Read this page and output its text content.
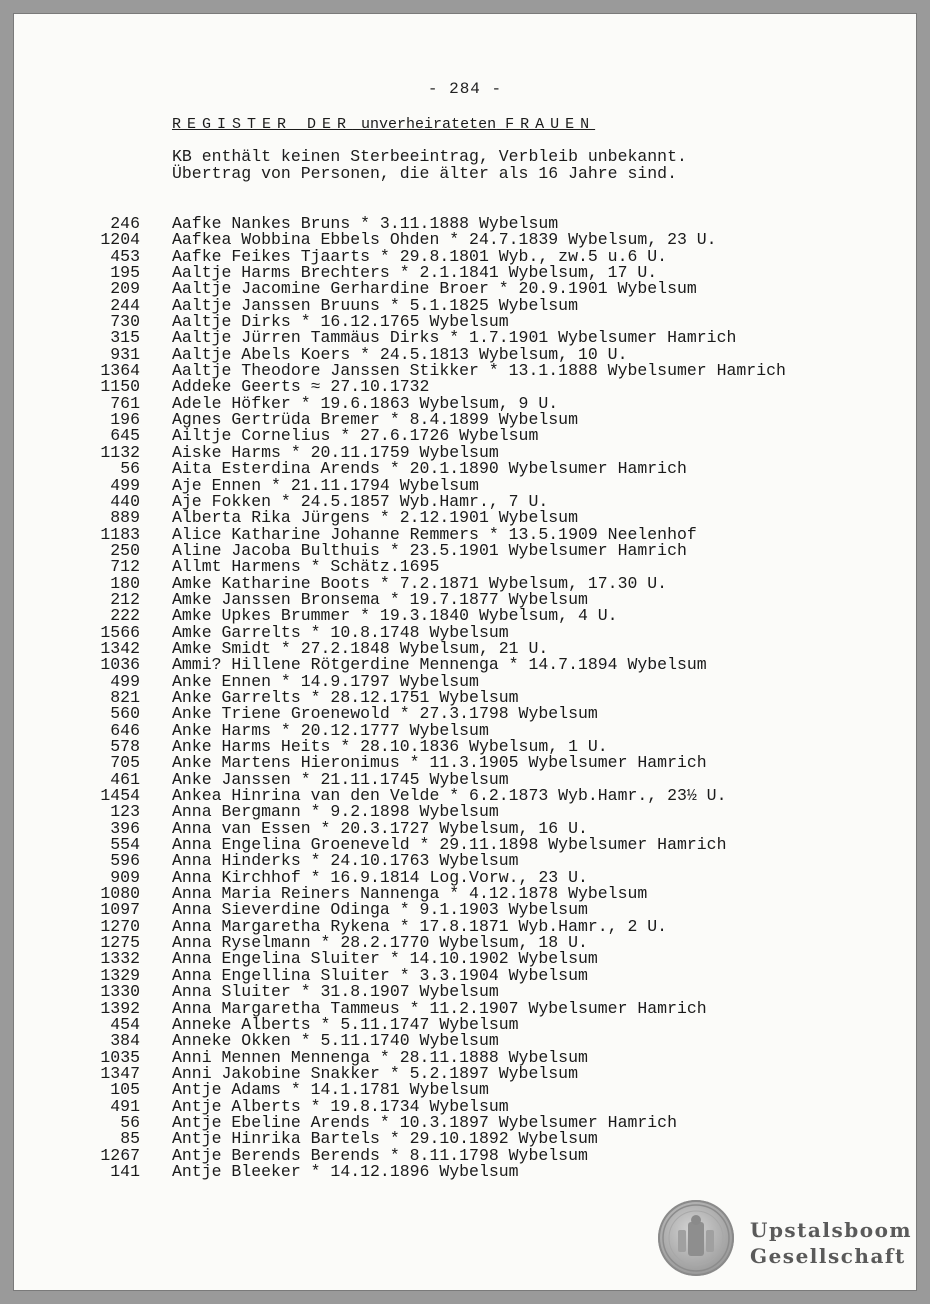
- 284 -
REGISTER DER unverheirateten FRAUEN
KB enthält keinen Sterbeeintrag, Verbleib unbekannt.
Übertrag von Personen, die älter als 16 Jahre sind.
246 Aafke Nankes Bruns * 3.11.1888 Wybelsum
1204 Aafkea Wobbina Ebbels Ohden * 24.7.1839 Wybelsum, 23 U.
453 Aafke Feikes Tjaarts * 29.8.1801 Wyb., zw.5 u.6 U.
195 Aaltje Harms Brechters * 2.1.1841 Wybelsum, 17 U.
209 Aaltje Jacomine Gerhardine Broer * 20.9.1901 Wybelsum
244 Aaltje Janssen Bruuns * 5.1.1825 Wybelsum
730 Aaltje Dirks * 16.12.1765 Wybelsum
315 Aaltje Jürren Tammäus Dirks * 1.7.1901 Wybelsumer Hamrich
931 Aaltje Abels Koers * 24.5.1813 Wybelsum, 10 U.
1364 Aaltje Theodore Janssen Stikker * 13.1.1888 Wybelsumer Hamrich
1150 Addeke Geerts ≈ 27.10.1732
761 Adele Höfker * 19.6.1863 Wybelsum, 9 U.
196 Agnes Gertrüda Bremer * 8.4.1899 Wybelsum
645 Ailtje Cornelius * 27.6.1726 Wybelsum
1132 Aiske Harms * 20.11.1759 Wybelsum
56 Aita Esterdina Arends * 20.1.1890 Wybelsumer Hamrich
499 Aje Ennen * 21.11.1794 Wybelsum
440 Aje Fokken * 24.5.1857 Wyb.Hamr., 7 U.
889 Alberta Rika Jürgens * 2.12.1901 Wybelsum
1183 Alice Katharine Johanne Remmers * 13.5.1909 Neelenhof
250 Aline Jacoba Bulthuis * 23.5.1901 Wybelsumer Hamrich
712 Allmt Harmens * Schätz.1695
180 Amke Katharine Boots * 7.2.1871 Wybelsum, 17.30 U.
212 Amke Janssen Bronsema * 19.7.1877 Wybelsum
222 Amke Upkes Brummer * 19.3.1840 Wybelsum, 4 U.
1566 Amke Garrelts * 10.8.1748 Wybelsum
1342 Amke Smidt * 27.2.1848 Wybelsum, 21 U.
1036 Ammi? Hillene Rötgerdine Mennenga * 14.7.1894 Wybelsum
499 Anke Ennen * 14.9.1797 Wybelsum
821 Anke Garrelts * 28.12.1751 Wybelsum
560 Anke Triene Groenewold * 27.3.1798 Wybelsum
646 Anke Harms * 20.12.1777 Wybelsum
578 Anke Harms Heits * 28.10.1836 Wybelsum, 1 U.
705 Anke Martens Hieronimus * 11.3.1905 Wybelsumer Hamrich
461 Anke Janssen * 21.11.1745 Wybelsum
1454 Ankea Hinrina van den Velde * 6.2.1873 Wyb.Hamr., 23½ U.
123 Anna Bergmann * 9.2.1898 Wybelsum
396 Anna van Essen * 20.3.1727 Wybelsum, 16 U.
554 Anna Engelina Groeneveld * 29.11.1898 Wybelsumer Hamrich
596 Anna Hinderks * 24.10.1763 Wybelsum
909 Anna Kirchhof * 16.9.1814 Log.Vorw., 23 U.
1080 Anna Maria Reiners Nannenga * 4.12.1878 Wybelsum
1097 Anna Sieverdine Odinga * 9.1.1903 Wybelsum
1270 Anna Margaretha Rykena * 17.8.1871 Wyb.Hamr., 2 U.
1275 Anna Ryselmann * 28.2.1770 Wybelsum, 18 U.
1332 Anna Engelina Sluiter * 14.10.1902 Wybelsum
1329 Anna Engellina Sluiter * 3.3.1904 Wybelsum
1330 Anna Sluiter * 31.8.1907 Wybelsum
1392 Anna Margaretha Tammeus * 11.2.1907 Wybelsumer Hamrich
454 Anneke Alberts * 5.11.1747 Wybelsum
384 Anneke Okken * 5.11.1740 Wybelsum
1035 Anni Mennen Mennenga * 28.11.1888 Wybelsum
1347 Anni Jakobine Snakker * 5.2.1897 Wybelsum
105 Antje Adams * 14.1.1781 Wybelsum
491 Antje Alberts * 19.8.1734 Wybelsum
56 Antje Ebeline Arends * 10.3.1897 Wybelsumer Hamrich
85 Antje Hinrika Bartels * 29.10.1892 Wybelsum
1267 Antje Berends Berends * 8.11.1798 Wybelsum
141 Antje Bleeker * 14.12.1896 Wybelsum
Upstalsboom
Gesellschaft
